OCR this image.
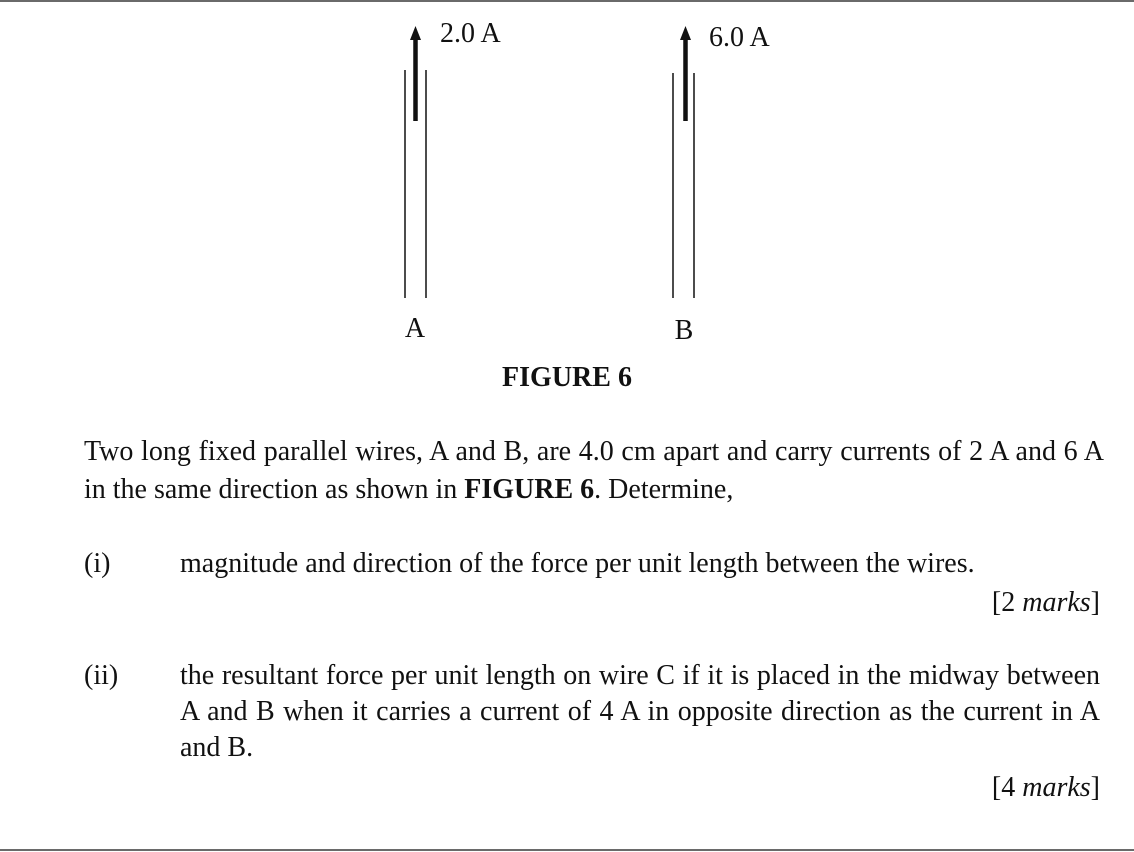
2.0 A	6.0 A
A	B
FIGURE 6
Two long fixed parallel wires, A and B, are 4.0 cm apart and carry currents of 2 A and 6 A in the same direction as shown in FIGURE 6. Determine,
(i) magnitude and direction of the force per unit length between the wires.
[2 marks]
(ii) the resultant force per unit length on wire C if it is placed in the midway between A and B when it carries a current of 4 A in opposite direction as the current in A and B.
[4 marks]
